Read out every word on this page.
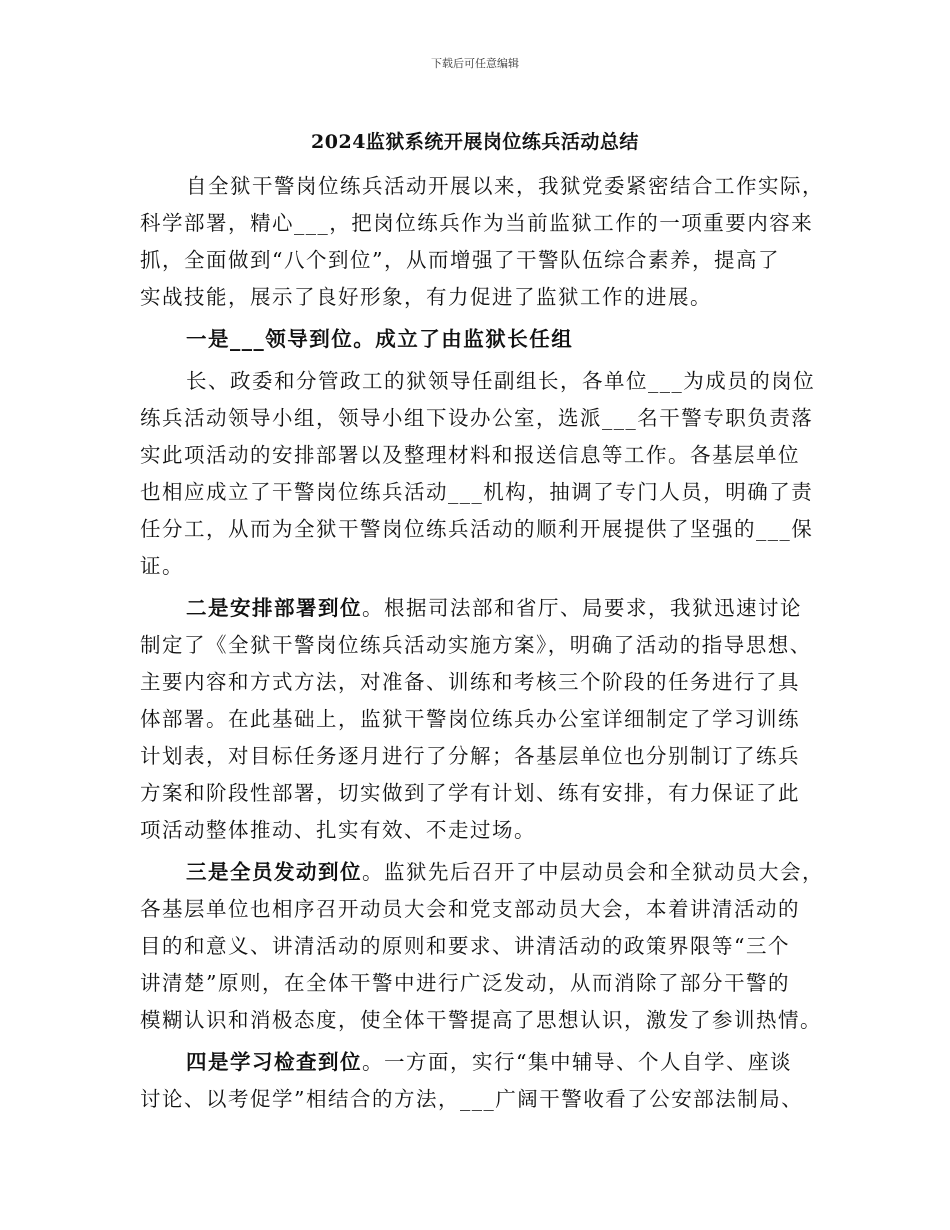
下载后可任意编辑
2024监狱系统开展岗位练兵活动总结
自全狱干警岗位练兵活动开展以来，我狱党委紧密结合工作实际，
科学部署，精心___，把岗位练兵作为当前监狱工作的一项重要内容来
抓，全面做到“八个到位”，从而增强了干警队伍综合素养，提高了
实战技能，展示了良好形象，有力促进了监狱工作的进展。
一是___领导到位。成立了由监狱长任组
长、政委和分管政工的狱领导任副组长，各单位___为成员的岗位
练兵活动领导小组，领导小组下设办公室，选派___名干警专职负责落
实此项活动的安排部署以及整理材料和报送信息等工作。各基层单位
也相应成立了干警岗位练兵活动___机构，抽调了专门人员，明确了责
任分工，从而为全狱干警岗位练兵活动的顺利开展提供了坚强的___保
证。
二是安排部署到位。根据司法部和省厅、局要求，我狱迅速讨论
制定了《全狱干警岗位练兵活动实施方案》，明确了活动的指导思想、
主要内容和方式方法，对准备、训练和考核三个阶段的任务进行了具
体部署。在此基础上，监狱干警岗位练兵办公室详细制定了学习训练
计划表，对目标任务逐月进行了分解；各基层单位也分别制订了练兵
方案和阶段性部署，切实做到了学有计划、练有安排，有力保证了此
项活动整体推动、扎实有效、不走过场。
三是全员发动到位。监狱先后召开了中层动员会和全狱动员大会，
各基层单位也相序召开动员大会和党支部动员大会，本着讲清活动的
目的和意义、讲清活动的原则和要求、讲清活动的政策界限等“三个
讲清楚”原则，在全体干警中进行广泛发动，从而消除了部分干警的
模糊认识和消极态度，使全体干警提高了思想认识，激发了参训热情。
四是学习检查到位。一方面，实行“集中辅导、个人自学、座谈
讨论、以考促学”相结合的方法，___广阔干警收看了公安部法制局、
